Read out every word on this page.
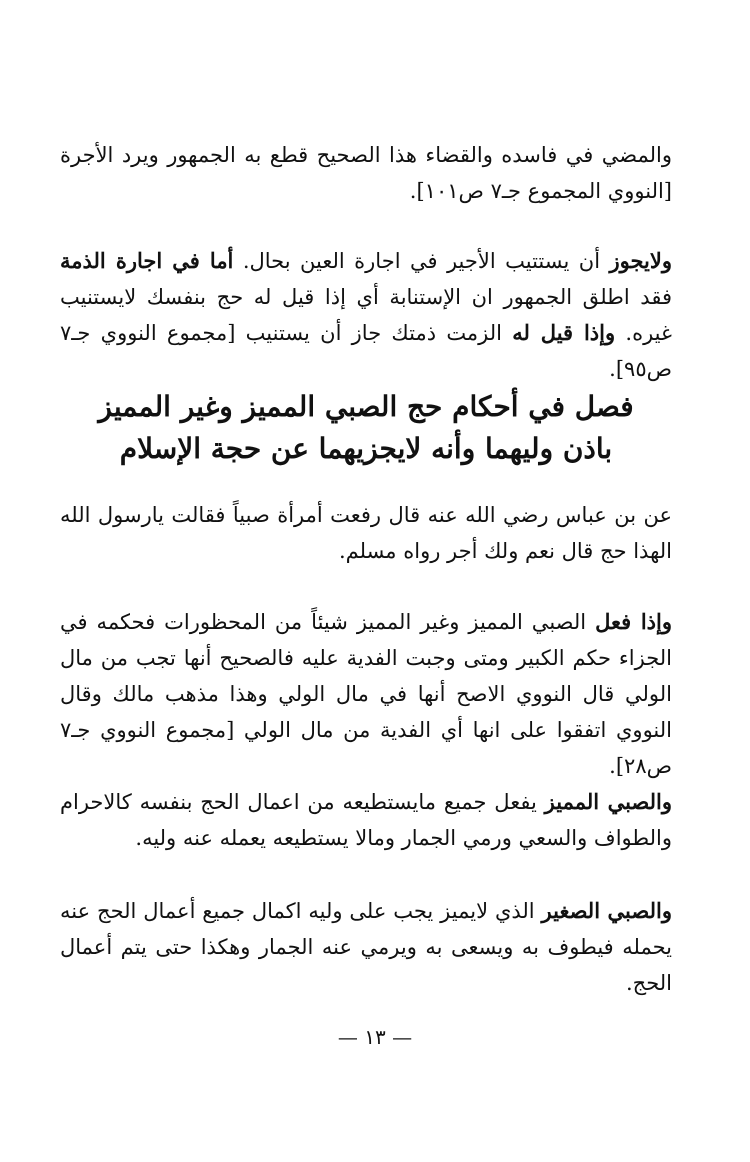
والمضي في فاسده والقضاء هذا الصحيح قطع به الجمهور ويرد الأجرة [النووي المجموع جـ٧ ص١٠١].

ولايجوز أن يستتيب الأجير في اجارة العين بحال. أما في اجارة الذمة فقد اطلق الجمهور ان الإستنابة أي إذا قيل له حج بنفسك لايستنيب غيره. وإذا قيل له الزمت ذمتك جاز أن يستنيب [مجموع النووي جـ٧ ص٩٥].

فصل في أحكام حج الصبي المميز وغير المميز
باذن وليهما وأنه لايجزيهما عن حجة الإسلام

عن بن عباس رضي الله عنه قال رفعت أمرأة صبياً فقالت يارسول الله الهذا حج قال نعم ولك أجر رواه مسلم.

وإذا فعل الصبي المميز وغير المميز شيئاً من المحظورات فحكمه في الجزاء حكم الكبير ومتى وجبت الفدية عليه فالصحيح أنها تجب من مال الولي قال النووي الاصح أنها في مال الولي وهذا مذهب مالك وقال النووي اتفقوا على انها أي الفدية من مال الولي [مجموع النووي جـ٧ ص٢٨].

والصبي المميز يفعل جميع مايستطيعه من اعمال الحج بنفسه كالاحرام والطواف والسعي ورمي الجمار ومالا يستطيعه يعمله عنه وليه.

والصبي الصغير الذي لايميز يجب على وليه اكمال جميع أعمال الحج عنه يحمله فيطوف به ويسعى به ويرمي عنه الجمار وهكذا حتى يتم أعمال الحج.

— ١٣ —
